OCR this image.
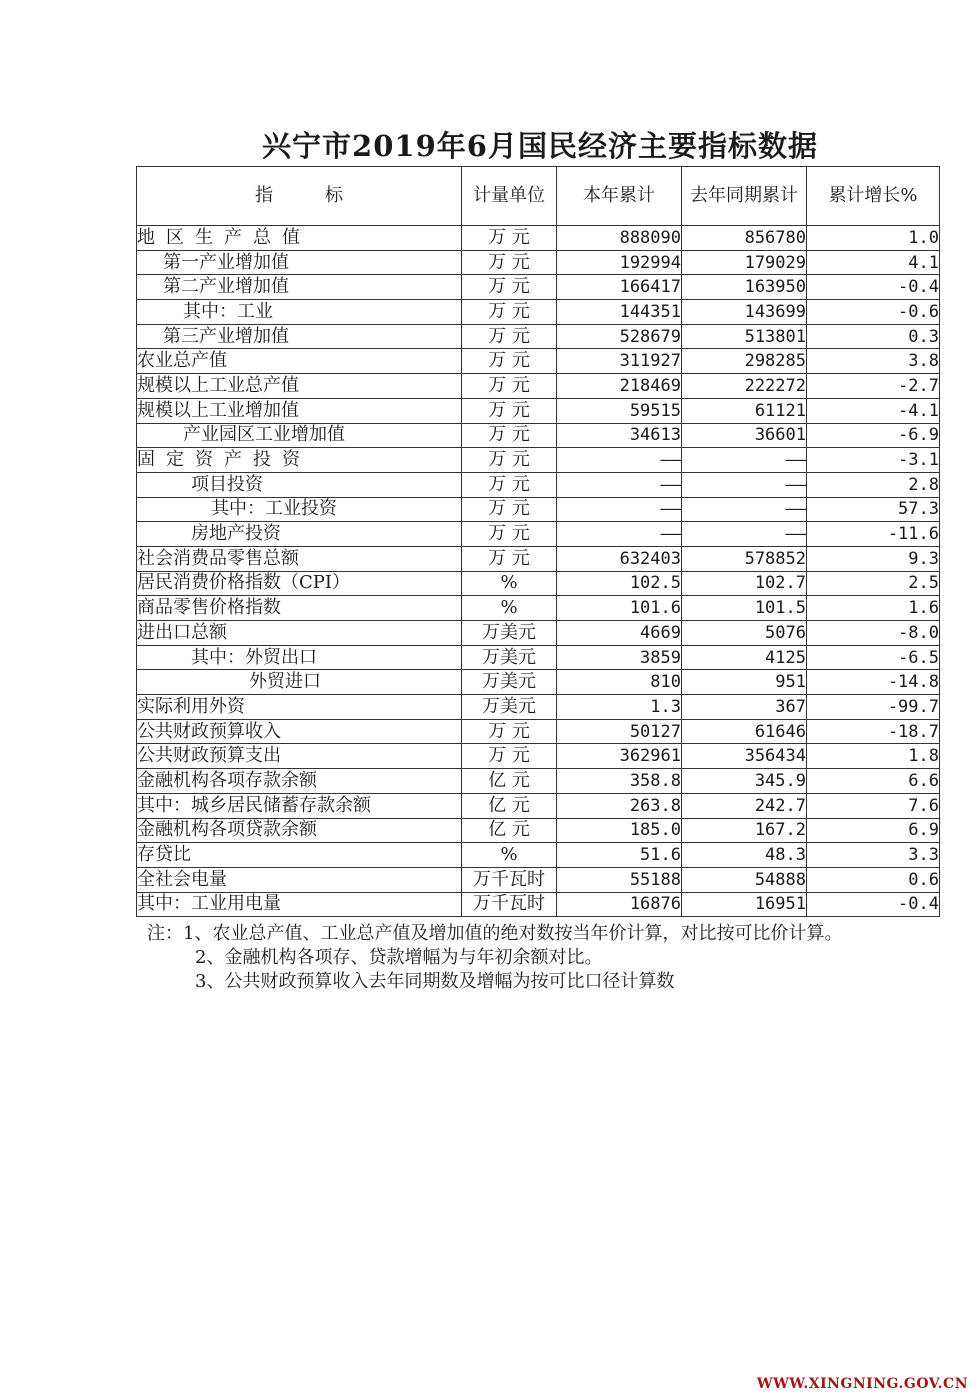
兴宁市2019年6月国民经济主要指标数据
指标	计量单位	本年累计	去年同期累计	累计增长%
地区生产总值	万 元	888090	856780	1.0
第一产业增加值	万 元	192994	179029	4.1
第二产业增加值	万 元	166417	163950	-0.4
其中：工业	万 元	144351	143699	-0.6
第三产业增加值	万 元	528679	513801	0.3
农业总产值	万 元	311927	298285	3.8
规模以上工业总产值	万 元	218469	222272	-2.7
规模以上工业增加值	万 元	59515	61121	-4.1
产业园区工业增加值	万 元	34613	36601	-6.9
固定资产投资	万 元	——	——	-3.1
项目投资	万 元	——	——	2.8
其中：工业投资	万 元	——	——	57.3
房地产投资	万 元	——	——	-11.6
社会消费品零售总额	万 元	632403	578852	9.3
居民消费价格指数（CPI）	%	102.5	102.7	2.5
商品零售价格指数	%	101.6	101.5	1.6
进出口总额	万美元	4669	5076	-8.0
其中：外贸出口	万美元	3859	4125	-6.5
外贸进口	万美元	810	951	-14.8
实际利用外资	万美元	1.3	367	-99.7
公共财政预算收入	万 元	50127	61646	-18.7
公共财政预算支出	万 元	362961	356434	1.8
金融机构各项存款余额	亿 元	358.8	345.9	6.6
其中：城乡居民储蓄存款余额	亿 元	263.8	242.7	7.6
金融机构各项贷款余额	亿 元	185.0	167.2	6.9
存贷比	%	51.6	48.3	3.3
全社会电量	万千瓦时	55188	54888	0.6
其中：工业用电量	万千瓦时	16876	16951	-0.4
注：1、农业总产值、工业总产值及增加值的绝对数按当年价计算，对比按可比价计算。
2、金融机构各项存、贷款增幅为与年初余额对比。
3、公共财政预算收入去年同期数及增幅为按可比口径计算数
WWW.XINGNING.GOV.CN
